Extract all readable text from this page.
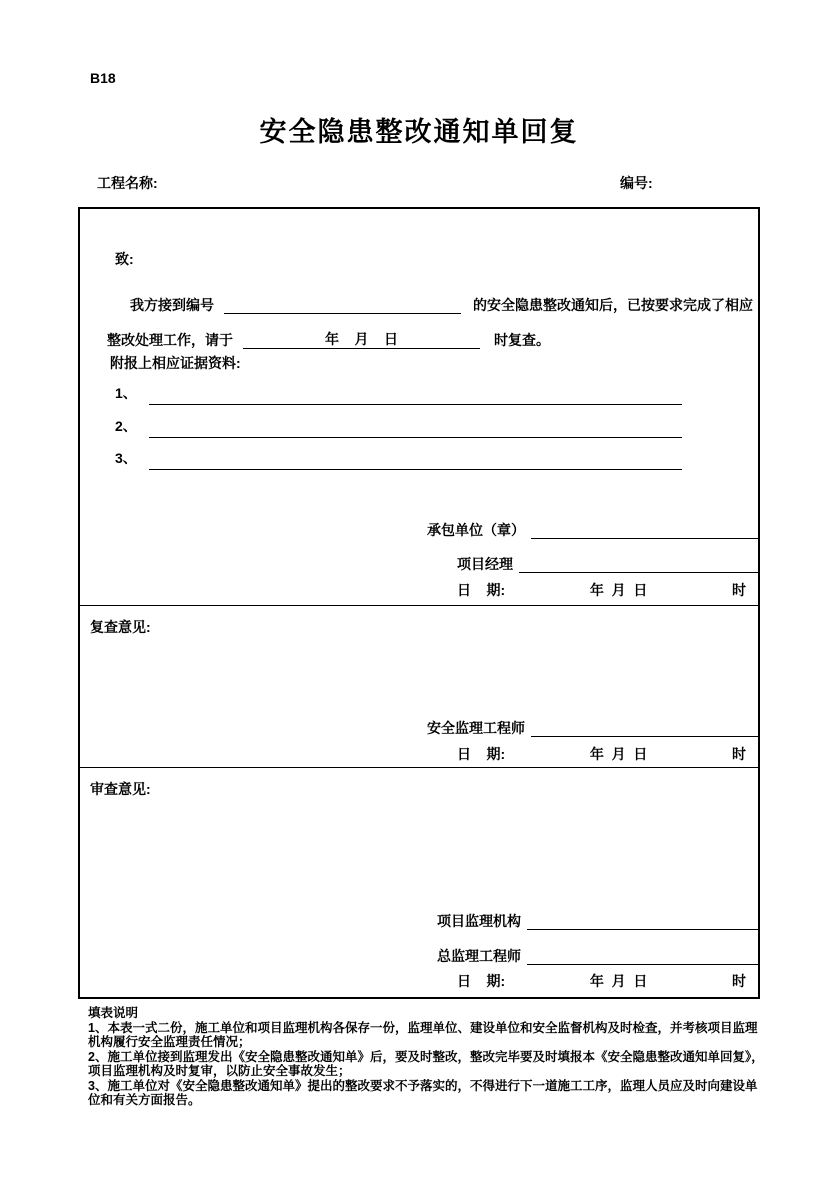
B18
安全隐患整改通知单回复
工程名称:	编号:
致:
我方接到编号	的安全隐患整改通知后，已按要求完成了相应
整改处理工作，请于	年    月    日	时复查。
附报上相应证据资料:
1、
2、
3、
承包单位（章）
项目经理
日    期:	年  月  日	时
复查意见:
安全监理工程师
日    期:	年  月  日	时
审查意见:
项目监理机构
总监理工程师
日    期:	年  月  日	时
填表说明

1、本表一式二份，施工单位和项目监理机构各保存一份，监理单位、建设单位和安全监督机构及时检查，并考核项目监理机构履行安全监理责任情况；

2、施工单位接到监理发出《安全隐患整改通知单》后，要及时整改，整改完毕要及时填报本《安全隐患整改通知单回复》，项目监理机构及时复审，以防止安全事故发生；

3、施工单位对《安全隐患整改通知单》提出的整改要求不予落实的，不得进行下一道施工工序，监理人员应及时向建设单位和有关方面报告。
